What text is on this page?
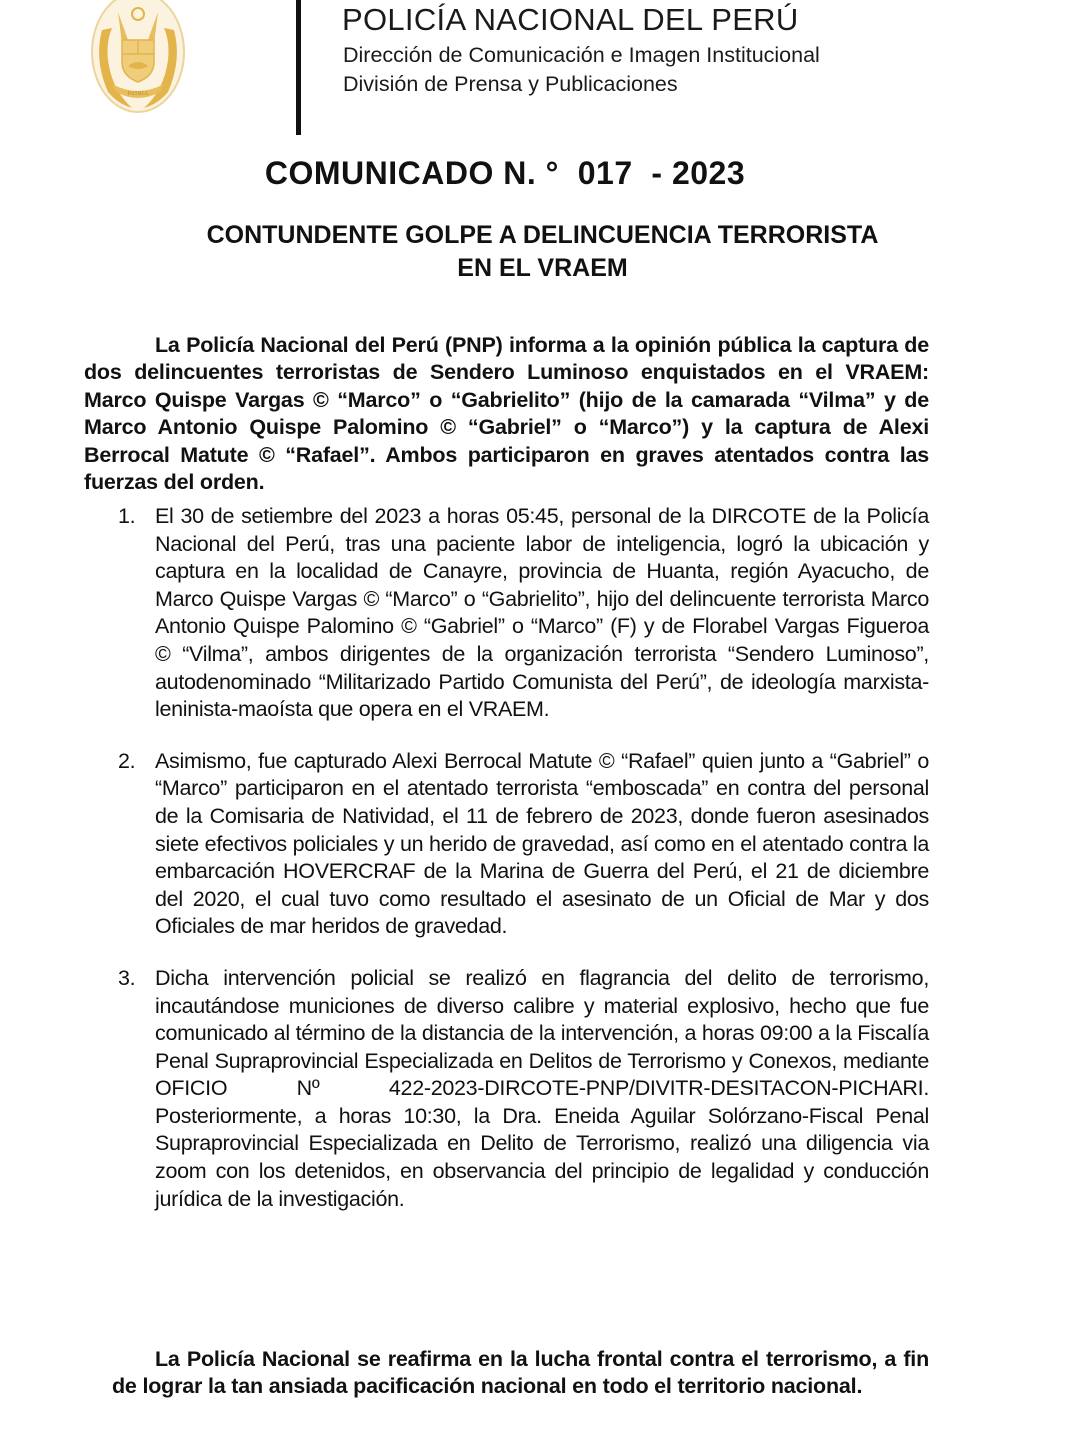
PATRIA
POLICÍA NACIONAL DEL PERÚ
Dirección de Comunicación e Imagen Institucional
División de Prensa y Publicaciones
COMUNICADO N. °  017  - 2023
CONTUNDENTE GOLPE A DELINCUENCIA TERRORISTA
EN EL VRAEM

La Policía Nacional del Perú (PNP) informa a la opinión pública la captura de dos delincuentes terroristas de Sendero Luminoso enquistados en el VRAEM: Marco Quispe Vargas © “Marco” o “Gabrielito” (hijo de la camarada “Vilma” y de Marco Antonio Quispe Palomino © “Gabriel” o “Marco”) y la captura de Alexi Berrocal Matute © “Rafael”. Ambos participaron en graves atentados contra las fuerzas del orden.

1. El 30 de setiembre del 2023 a horas 05:45, personal de la DIRCOTE de la Policía Nacional del Perú, tras una paciente labor de inteligencia, logró la ubicación y captura en la localidad de Canayre, provincia de Huanta, región Ayacucho, de Marco Quispe Vargas © “Marco” o “Gabrielito”, hijo del delincuente terrorista Marco Antonio Quispe Palomino © “Gabriel” o “Marco” (F) y de Florabel Vargas Figueroa © “Vilma”, ambos dirigentes de la organización terrorista “Sendero Luminoso”, autodenominado “Militarizado Partido Comunista del Perú”, de ideología marxista-leninista-maoísta que opera en el VRAEM.
2. Asimismo, fue capturado Alexi Berrocal Matute © “Rafael” quien junto a “Gabriel” o “Marco” participaron en el atentado terrorista “emboscada” en contra del personal de la Comisaria de Natividad, el 11 de febrero de 2023, donde fueron asesinados siete efectivos policiales y un herido de gravedad, así como en el atentado contra la embarcación HOVERCRAF de la Marina de Guerra del Perú, el 21 de diciembre del 2020, el cual tuvo como resultado el asesinato de un Oficial de Mar y dos Oficiales de mar heridos de gravedad.
3. Dicha intervención policial se realizó en flagrancia del delito de terrorismo, incautándose municiones de diverso calibre y material explosivo, hecho que fue comunicado al término de la distancia de la intervención, a horas 09:00 a la Fiscalía Penal Supraprovincial Especializada en Delitos de Terrorismo y Conexos, mediante OFICIO Nº 422-2023-DIRCOTE-PNP/DIVITR-DESITACON-PICHARI. Posteriormente, a horas 10:30, la Dra. Eneida Aguilar Solórzano-Fiscal Penal Supraprovincial Especializada en Delito de Terrorismo, realizó una diligencia via zoom con los detenidos, en observancia del principio de legalidad y conducción jurídica de la investigación.

La Policía Nacional se reafirma en la lucha frontal contra el terrorismo, a fin de lograr la tan ansiada pacificación nacional en todo el territorio nacional.
